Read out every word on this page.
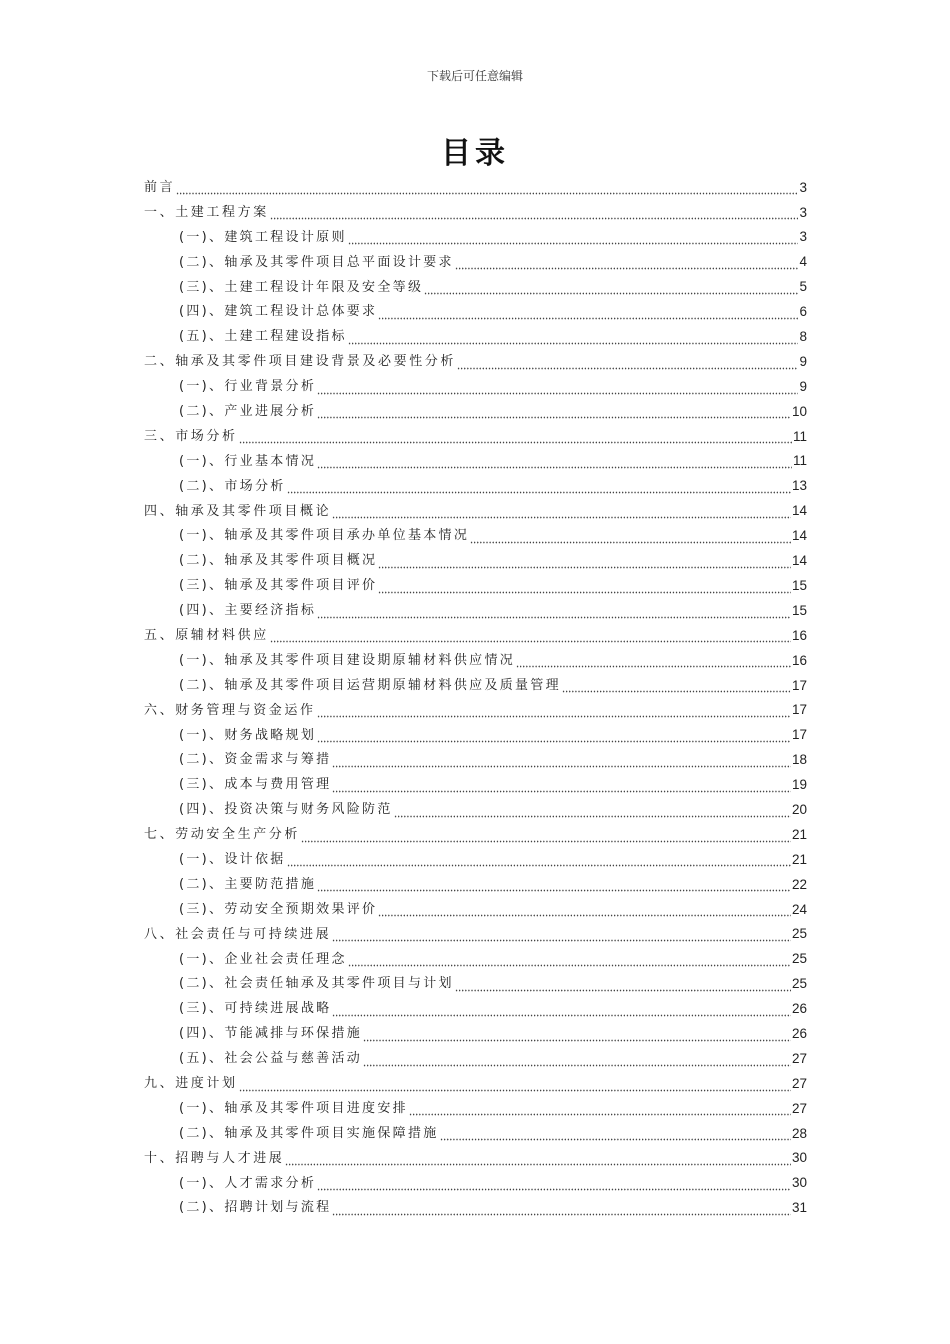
下载后可任意编辑
目录
前言	3
一、土建工程方案	3
(一)、建筑工程设计原则	3
(二)、轴承及其零件项目总平面设计要求	4
(三)、土建工程设计年限及安全等级	5
(四)、建筑工程设计总体要求	6
(五)、土建工程建设指标	8
二、轴承及其零件项目建设背景及必要性分析	9
(一)、行业背景分析	9
(二)、产业进展分析	10
三、市场分析	11
(一)、行业基本情况	11
(二)、市场分析	13
四、轴承及其零件项目概论	14
(一)、轴承及其零件项目承办单位基本情况	14
(二)、轴承及其零件项目概况	14
(三)、轴承及其零件项目评价	15
(四)、主要经济指标	15
五、原辅材料供应	16
(一)、轴承及其零件项目建设期原辅材料供应情况	16
(二)、轴承及其零件项目运营期原辅材料供应及质量管理	17
六、财务管理与资金运作	17
(一)、财务战略规划	17
(二)、资金需求与筹措	18
(三)、成本与费用管理	19
(四)、投资决策与财务风险防范	20
七、劳动安全生产分析	21
(一)、设计依据	21
(二)、主要防范措施	22
(三)、劳动安全预期效果评价	24
八、社会责任与可持续进展	25
(一)、企业社会责任理念	25
(二)、社会责任轴承及其零件项目与计划	25
(三)、可持续进展战略	26
(四)、节能减排与环保措施	26
(五)、社会公益与慈善活动	27
九、进度计划	27
(一)、轴承及其零件项目进度安排	27
(二)、轴承及其零件项目实施保障措施	28
十、招聘与人才进展	30
(一)、人才需求分析	30
(二)、招聘计划与流程	31
